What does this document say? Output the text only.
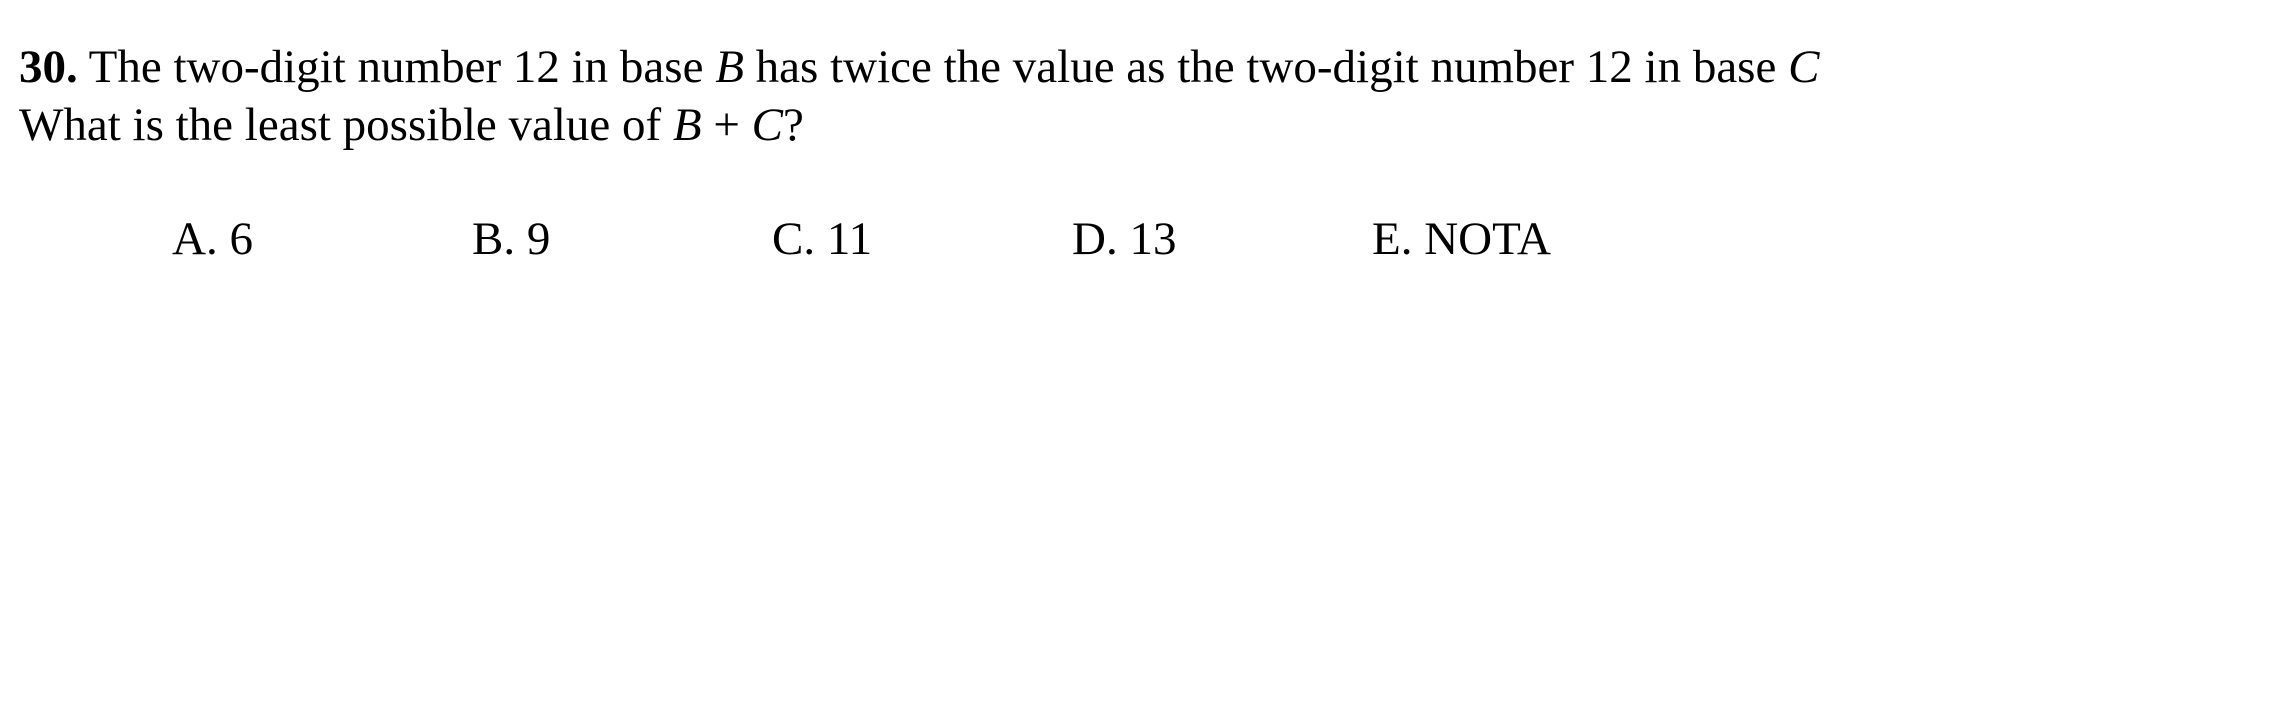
30. The two-digit number 12 in base B has twice the value as the two-digit number 12 in base C
What is the least possible value of B + C?
A. 6	B. 9	C. 11	D. 13	E. NOTA
